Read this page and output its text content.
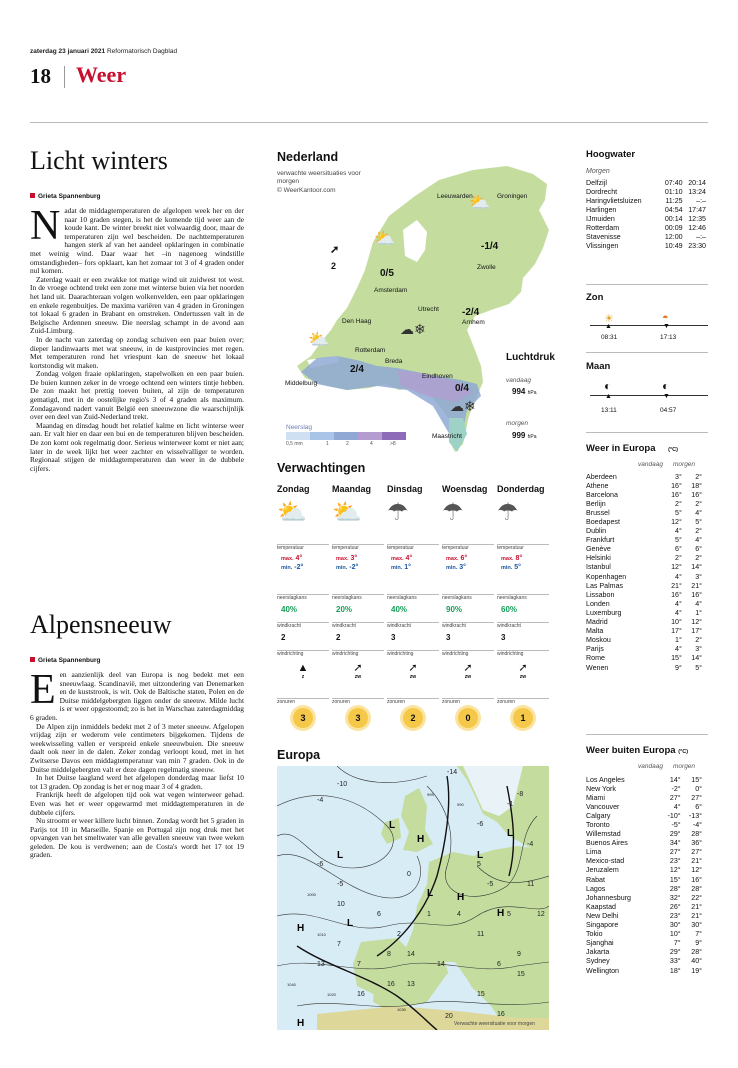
zaterdag 23 januari 2021 Reformatorisch Dagblad
18 Weer
Licht winters
Grieta Spannenburg
N adat de middagtemperaturen de afgelopen week her en der naar 10 graden stegen, is het de komende tijd weer aan de koude kant. De winter breekt niet volwaardig door, maar de temperaturen zijn wel bescheiden. De nachttemperaturen hangen sterk af van het aandeel opklaringen in combinatie met weinig wind. Daar waar het –in nagenoeg windstille omstandigheden– fors opklaart, kan het zomaar tot 3 of 4 graden onder nul komen.

Zaterdag waait er een zwakke tot matige wind uit zuidwest tot west. In de vroege ochtend trekt een zone met winterse buien via het noorden het land uit. Daarachteraan volgen wolkenvelden, een paar opklaringen en enkele regenbuitjes. De maxima variëren van 4 graden in Groningen tot lokaal 6 graden in Brabant en omstreken. Ondertussen valt in de Belgische Ardennen sneeuw. Die neerslag schampt in de avond aan Zuid-Limburg.

In de nacht van zaterdag op zondag schuiven een paar buien over; dieper landinwaarts met wat sneeuw, in de kustprovincies met regen. Met temperaturen rond het vriespunt kan de sneeuw het lokaal kortstondig wit maken.

Zondag volgen fraaie opklaringen, stapelwolken en een paar buien. De buien kunnen zeker in de vroege ochtend een winters tintje hebben. De zon maakt het prettig toeven buiten, al zijn de temperaturen gematigd, met in de oostelijke regio's 3 of 4 graden als maximum. Zondagavond nadert vanuit België een sneeuwzone die waarschijnlijk over een deel van Zuid-Nederland trekt.

Maandag en dinsdag houdt het relatief kalme en licht winterse weer aan. Er valt hier en daar een bui en de temperaturen blijven bescheiden. De zon komt ook regelmatig door. Serieus winterweer komt er niet aan; later in de week lijkt het weer zachter en wisselvalliger te worden. Regionaal stijgen de middagtemperaturen dan weer in de dubbele cijfers.

Alpensneeuw
Grieta Spannenburg
E en aanzienlijk deel van Europa is nog bedekt met een sneeuwlaag. Scandinavië, met uitzondering van Denemarken en de kuststrook, is wit. Ook de Baltische staten, Polen en de Duitse middelgebergten liggen onder de sneeuw. Milde lucht is er weer opgestoomd; zo is het in Warschau zaterdagmiddag 6 graden.

De Alpen zijn inmiddels bedekt met 2 of 3 meter sneeuw. Afgelopen vrijdag zijn er wederom vele centimeters bijgekomen. Tijdens de weekwisseling vallen er verspreid enkele sneeuwbuien. Die sneeuw daalt ook neer in de dalen. Zeker zondag verloopt koud, met in het Zwitserse Davos een middagtemperatuur van min 7 graden. Ook in de Duitse middelgebergten valt er deze dagen regelmatig sneeuw.

In het Duitse laagland werd het afgelopen donderdag maar liefst 10 tot 13 graden. Op zondag is het er nog maar 3 of 4 graden.

Frankrijk heeft de afgelopen tijd ook wat vegen winterweer gehad. Even was het er weer opgewarmd met middagtemperaturen in de dubbele cijfers.

Nu stroomt er weer killere lucht binnen. Zondag wordt het 5 graden in Parijs tot 10 in Marseille. Spanje en Portugal zijn nog druk met het opvangen van het smeltwater van alle gevallen sneeuw van twee weken geleden. De kou is verdwenen; aan de Costa's wordt het 17 tot 19 graden.

Nederland
verwachte weersituaties voor morgen
© WeerKantoor.com
➚
2
Leeuwarden	Groningen
Amsterdam
Zwolle
Utrecht
Den Haag
Rotterdam
Arnhem
Breda
Eindhoven
Middelburg
Maastricht
-1/4
0/5
-2/4
2/4
0/4
⛅
⛅
☁❄
⛅
☁❄
Neerslag
0,5 mm	1	2	4	>8
Luchtdruk
vandaag
994 hPa
morgen
999 hPa
Verwachtingen
Zondag
⛅
temperatuur
max. 4°
min. -2°
neerslagkans
40%
windkracht
2
windrichting
▲
z
zonuren
3
Maandag
⛅
temperatuur
max. 3°
min. -2°
neerslagkans
20%
windkracht
2
windrichting
➚
zw
zonuren
3
Dinsdag
☂
temperatuur
max. 4°
min. 1°
neerslagkans
40%
windkracht
3
windrichting
➚
zw
zonuren
2
Woensdag
☂
temperatuur
max. 6°
min. 3°
neerslagkans
90%
windkracht
3
windrichting
➚
zw
zonuren
0
Donderdag
☂
temperatuur
max. 8°
min. 5°
neerslagkans
60%
windkracht
3
windrichting
➚
zw
zonuren
1
Europa
-14
-10
-8
-4
-6
-6
-5	-5
-4
-1
0
1
2
4
5
5
6
6
7
7
8	9
10
11
11
12
13
13
14
14
15
15
16
16
16
20
1000
1010
1020
1030
1040
995
990
L
L	L
L
L
L
H
H
H
H
H	Verwachte weersituatie voor morgen
Hoogwater
Morgen
Delfzijl	07:40	20:14
Dordrecht	01:10	13:24
Haringvlietsluizen	11:25	–:–
Harlingen	04:54	17:47
IJmuiden	00:14	12:35
Rotterdam	00:09	12:46
Stavenisse	12:00	–:–
Vlissingen	10:49	23:30
Zon
☀	◓
▲	▼
08:31	17:13
Maan
◐	◐
▲	▼
13:11	04:57
Weer in Europa (°C)
vandaag morgen
Aberdeen	3°	2°
Athene	16°	18°
Barcelona	16°	16°
Berlijn	2°	2°
Brussel	5°	4°
Boedapest	12°	5°
Dublin	4°	2°
Frankfurt	5°	4°
Genève	6°	6°
Helsinki	2°	2°
Istanbul	12°	14°
Kopenhagen	4°	3°
Las Palmas	21°	21°
Lissabon	16°	16°
Londen	4°	4°
Luxemburg	4°	1°
Madrid	10°	12°
Malta	17°	17°
Moskou	1°	2°
Parijs	4°	3°
Rome	15°	14°
Wenen	9°	5°
Weer buiten Europa (°C)
vandaag morgen
Los Angeles	14°	15°
New York	-2°	0°
Miami	27°	27°
Vancouver	4°	6°
Calgary	-10°	-13°
Toronto	-5°	-4°
Willemstad	29°	28°
Buenos Aires	34°	36°
Lima	27°	27°
Mexico-stad	23°	21°
Jeruzalem	12°	12°
Rabat	15°	16°
Lagos	28°	28°
Johannesburg	32°	22°
Kaapstad	26°	21°
New Delhi	23°	21°
Singapore	30°	30°
Tokio	10°	7°
Sjanghai	7°	9°
Jakarta	29°	28°
Sydney	33°	40°
Wellington	18°	19°
